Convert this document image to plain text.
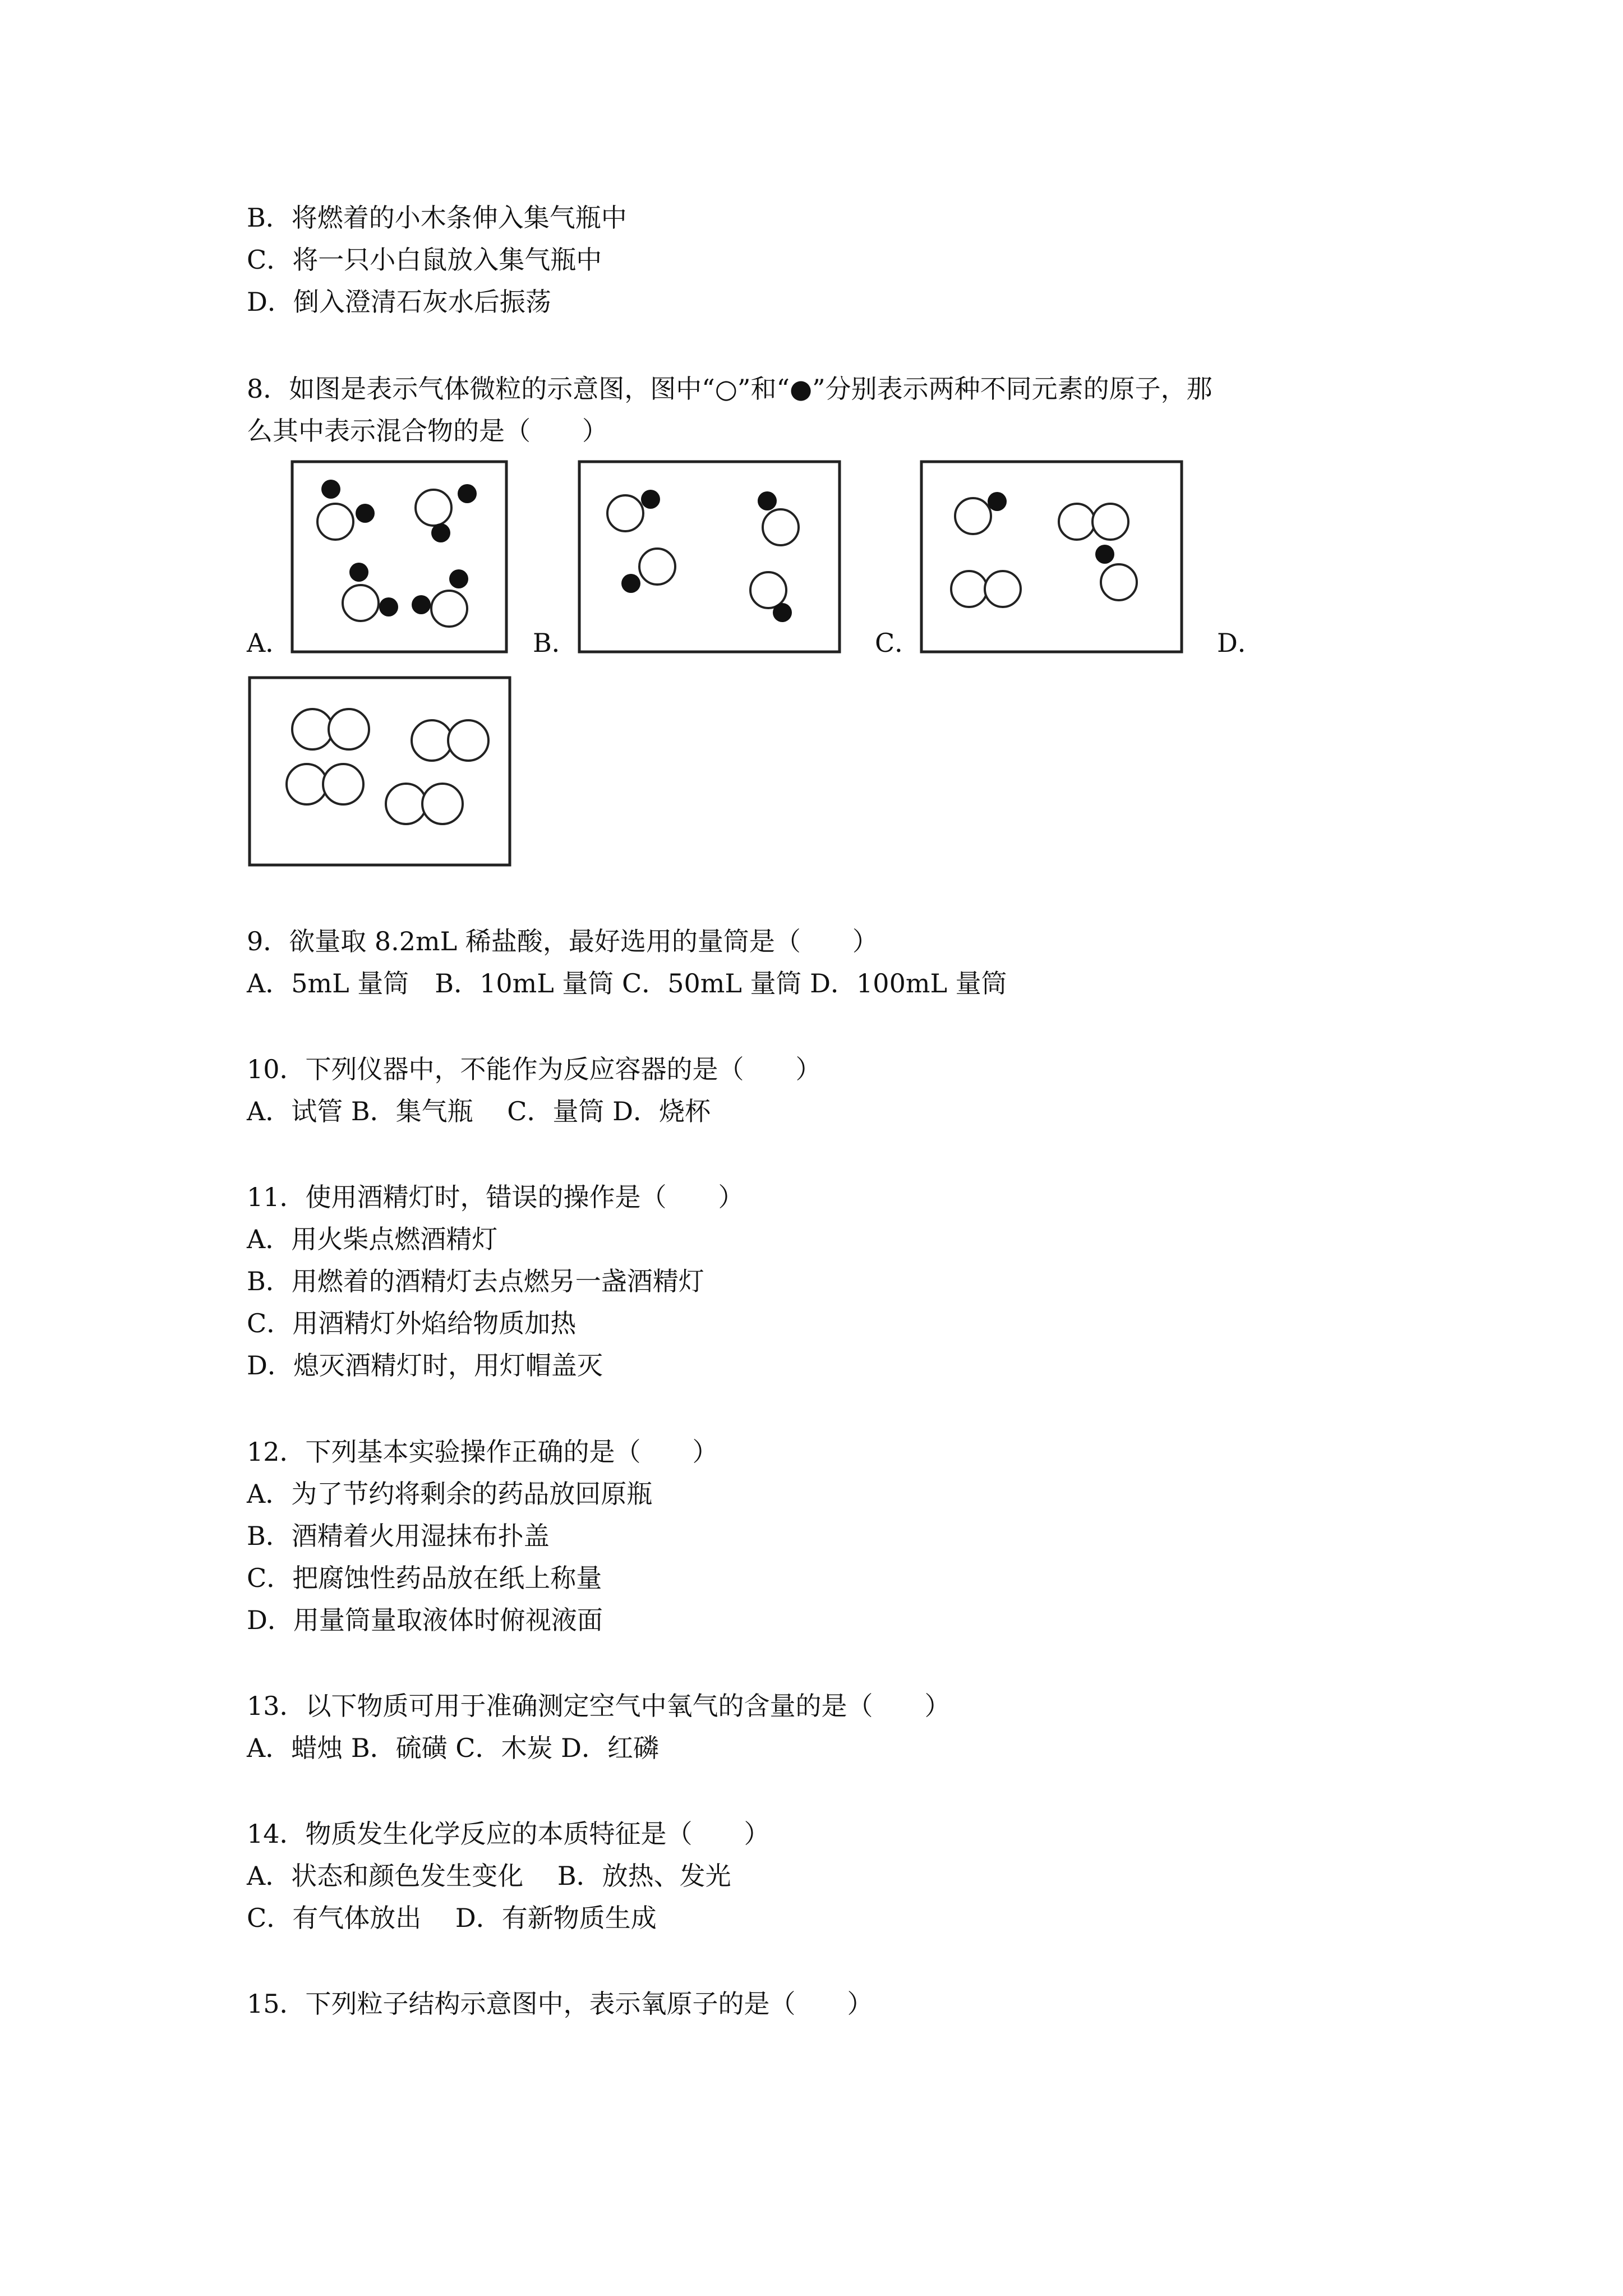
B．将燃着的小木条伸入集气瓶中
C．将一只小白鼠放入集气瓶中
D．倒入澄清石灰水后振荡
8．如图是表示气体微粒的示意图，图中“○”和“●”分别表示两种不同元素的原子，那
么其中表示混合物的是（　　）
A．	B．	C．	D．
9．欲量取 8.2mL 稀盐酸，最好选用的量筒是（　　）
A．5mL 量筒　B．10mL 量筒 C．50mL 量筒 D．100mL 量筒
10．下列仪器中，不能作为反应容器的是（　　）
A．试管 B．集气瓶　 C．量筒 D．烧杯
11．使用酒精灯时，错误的操作是（　　）
A．用火柴点燃酒精灯
B．用燃着的酒精灯去点燃另一盏酒精灯
C．用酒精灯外焰给物质加热
D．熄灭酒精灯时，用灯帽盖灭
12．下列基本实验操作正确的是（　　）
A．为了节约将剩余的药品放回原瓶
B．酒精着火用湿抹布扑盖
C．把腐蚀性药品放在纸上称量
D．用量筒量取液体时俯视液面
13．以下物质可用于准确测定空气中氧气的含量的是（　　）
A．蜡烛 B．硫磺 C．木炭 D．红磷
14．物质发生化学反应的本质特征是（　　）
A．状态和颜色发生变化　 B．放热、发光
C．有气体放出　 D．有新物质生成
15．下列粒子结构示意图中，表示氧原子的是（　　）
